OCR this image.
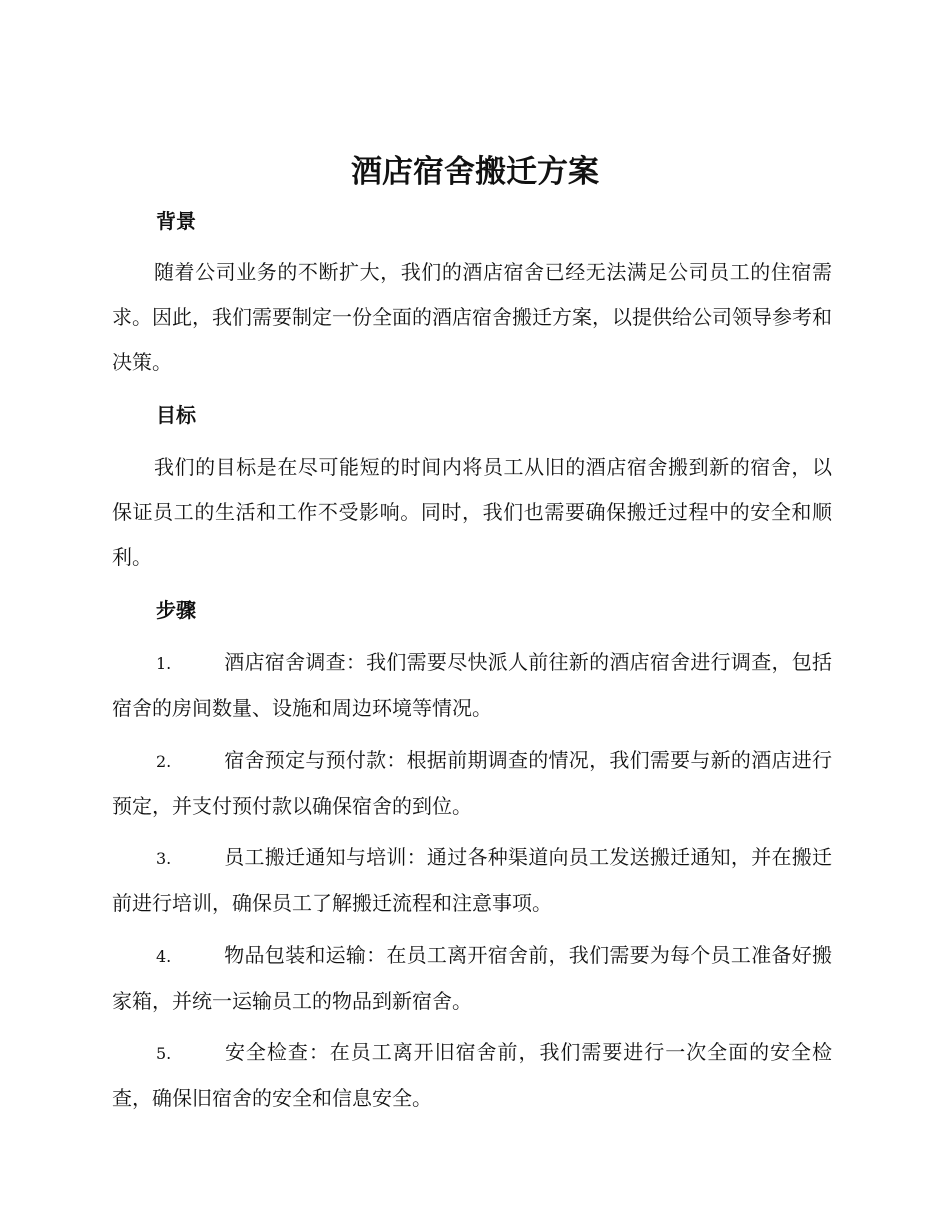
酒店宿舍搬迁方案
背景

随着公司业务的不断扩大，我们的酒店宿舍已经无法满足公司员工的住宿需求。因此，我们需要制定一份全面的酒店宿舍搬迁方案，以提供给公司领导参考和决策。

目标

我们的目标是在尽可能短的时间内将员工从旧的酒店宿舍搬到新的宿舍，以保证员工的生活和工作不受影响。同时，我们也需要确保搬迁过程中的安全和顺利。

步骤

1.	酒店宿舍调查：我们需要尽快派人前往新的酒店宿舍进行调查，包括宿舍的房间数量、设施和周边环境等情况。

2.	宿舍预定与预付款：根据前期调查的情况，我们需要与新的酒店进行预定，并支付预付款以确保宿舍的到位。

3.	员工搬迁通知与培训：通过各种渠道向员工发送搬迁通知，并在搬迁前进行培训，确保员工了解搬迁流程和注意事项。

4.	物品包装和运输：在员工离开宿舍前，我们需要为每个员工准备好搬家箱，并统一运输员工的物品到新宿舍。

5.	安全检查：在员工离开旧宿舍前，我们需要进行一次全面的安全检查，确保旧宿舍的安全和信息安全。
